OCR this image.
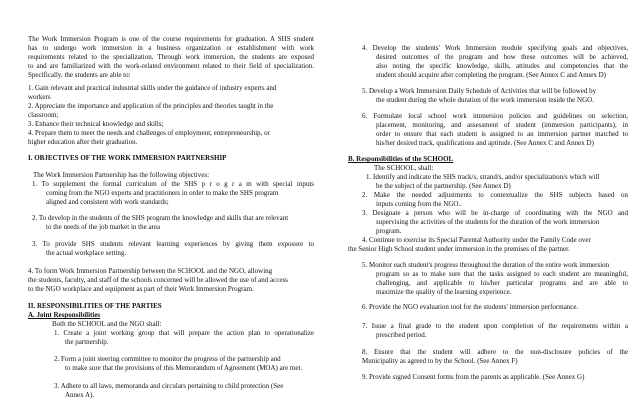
The Work Immersion Program is one of the course requirements for graduation. A SHS student
has to undergo work immersion in a business organization or establishment with work
requirements related to the specialization. Through work immersion, the students are exposed
to and are familiarized with the work-related environment related to their field of specialization.
Specifically, the students are able to:
1. Gain relevant and practical industrial skills under the guidance of industry experts and
workers
2. Appreciate the importance and application of the principles and theories taught in the
classroom;
3. Enhance their technical knowledge and skills;
4. Prepare them to meet the needs and challenges of employment, entrepreneurship, or
higher education after their graduation.
I. OBJECTIVES OF THE WORK IMMERSION PARTNERSHIP
The Work Immersion Partnership has the following objectives:
1. To supplement the formal curriculum of the SHS p r o g r a m with special inputs
coming from the NGO experts and practitioners in order to make the SHS program
aligned and consistent with work standards;
2. To develop in the students of the SHS program the knowledge and skills that are relevant
to the needs of the job market in the area
3. To provide SHS students relevant learning experiences by giving them exposure to
the actual workplace setting.
4. To form Work Immersion Partnership between the SCHOOL and the NGO, allowing
the students, faculty, and staff of the schools concerned will be allowed the use of and access
to the NGO workplace and equipment as part of their Work Immersion Program.
II. RESPONSIBILITIES OF THE PARTIES
A. Joint Responsibilities
Both the SCHOOL and the NGO shall:
1. Create a joint working group that will prepare the action plan to operationalize
the partnership.
2. Form a joint steering committee to monitor the progress of the partnership and
to make sure that the provisions of this Memorandum of Agreement (MOA) are met.
3. Adhere to all laws, memoranda and circulars pertaining to child protection (See
Annex A).
4. Develop the students' Work Immersion module specifying goals and objectives,
desired outcomes of the program and how these outcomes will be achieved,
also noting the specific knowledge, skills, attitudes and competencies that the
student should acquire after completing the program. (See Annex C and Annex D)
5. Develop a Work Immersion Daily Schedule of Activities that will be followed by
the student during the whole duration of the work immersion inside the NGO.
6. Formulate local school work immersion policies and guidelines on selection,
placement, monitoring, and assessment of student (immersion participants), in
order to ensure that each student is assigned to an immersion partner matched to
his/her desired track, qualifications and aptitude. (See Annex C and Annex D)
B. Responsibilities of the SCHOOL
The SCHOOL, shall:
1. Identify and indicate the SHS track/s, strand/s, and/or specialization/s which will
be the subject of the partnership. (See Annex D)
2. Make the needed adjustments to contextualize the SHS subjects based on
inputs coming from the NGO..
3. Designate a person who will be in-charge of coordinating with the NGO and
supervising the activities of the students for the duration of the work immersion
program.
4. Continue to exercise its Special Parental Authority under the Family Code over
the Senior High School student under immersion in the premises of the partner.
5. Monitor each student's progress throughout the duration of the entire work immersion
program so as to make sure that the tasks assigned to each student are meaningful,
challenging, and applicable to his/her particular programs and are able to
maximize the quality of the learning experience.
6. Provide the NGO evaluation tool for the students' immersion performance.
7. Issue a final grade to the student upon completion of the requirements within a
prescribed period.
8. Ensure that the student will adhere to the non-disclosure policies of the
Municipality as agreed to by the School. (See Annex F)
9. Provide signed Consent forms from the parents as applicable. (See Annex G)
